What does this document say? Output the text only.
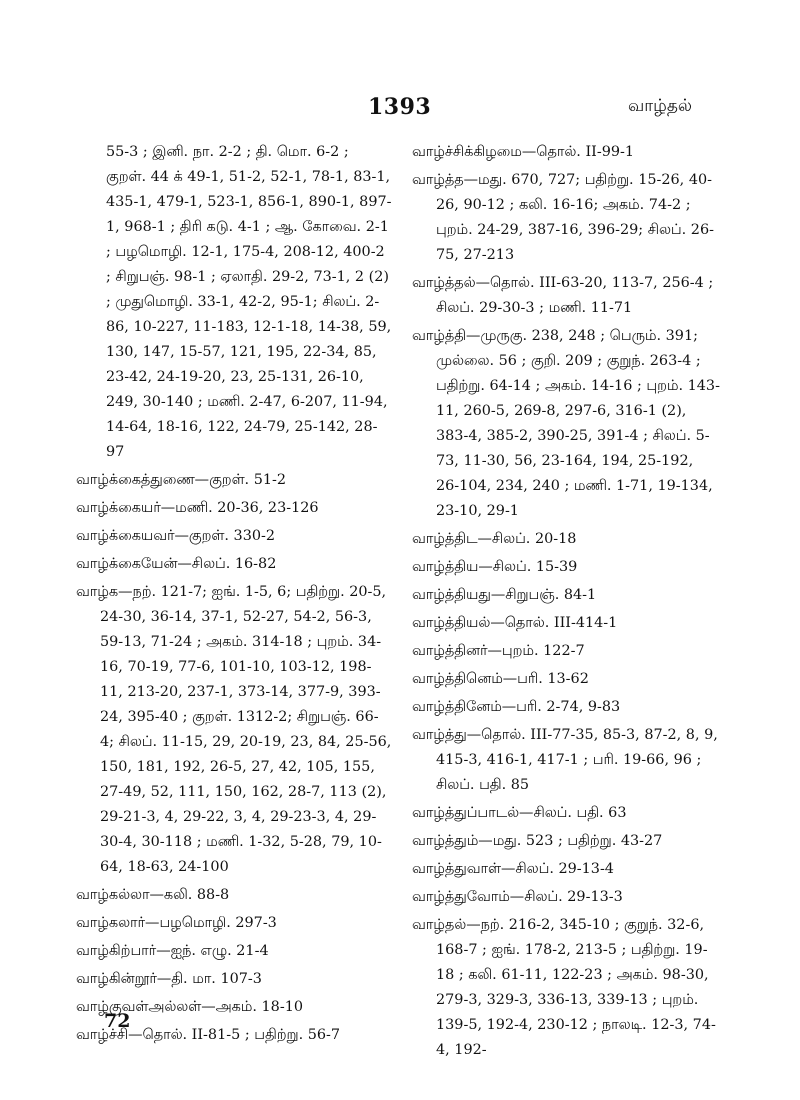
1393	வாழ்தல்
55-3 ; இனி. நா. 2-2 ; தி. மொ. 6-2 ; குறள். 44 க் 49-1, 51-2, 52-1, 78-1, 83-1, 435-1, 479-1, 523-1, 856-1, 890-1, 897-1, 968-1 ; திரி கடு. 4-1 ; ஆ. கோவை. 2-1 ; பழமொழி. 12-1, 175-4, 208-12, 400-2 ; சிறுபஞ். 98-1 ; ஏலாதி. 29-2, 73-1, 2 (2) ; முதுமொழி. 33-1, 42-2, 95-1; சிலப். 2-86, 10-227, 11-183, 12-1-18, 14-38, 59, 130, 147, 15-57, 121, 195, 22-34, 85, 23-42, 24-19-20, 23, 25-131, 26-10, 249, 30-140 ; மணி. 2-47, 6-207, 11-94, 14-64, 18-16, 122, 24-79, 25-142, 28-97
வாழ்க்கைத்துணை—குறள். 51-2
வாழ்க்கையர்—மணி. 20-36, 23-126
வாழ்க்கையவர்—குறள். 330-2
வாழ்க்கையேன்—சிலப். 16-82
வாழ்க—நற். 121-7; ஐங். 1-5, 6; பதிற்று. 20-5, 24-30, 36-14, 37-1, 52-27, 54-2, 56-3, 59-13, 71-24 ; அகம். 314-18 ; புறம். 34-16, 70-19, 77-6, 101-10, 103-12, 198-11, 213-20, 237-1, 373-14, 377-9, 393-24, 395-40 ; குறள். 1312-2; சிறுபஞ். 66-4; சிலப். 11-15, 29, 20-19, 23, 84, 25-56, 150, 181, 192, 26-5, 27, 42, 105, 155, 27-49, 52, 111, 150, 162, 28-7, 113 (2), 29-21-3, 4, 29-22, 3, 4, 29-23-3, 4, 29-30-4, 30-118 ; மணி. 1-32, 5-28, 79, 10-64, 18-63, 24-100
வாழ்கல்லா—கலி. 88-8
வாழ்கலார்—பழமொழி. 297-3
வாழ்கிற்பார்—ஐந். எழு. 21-4
வாழ்கின்றூர்—தி. மா. 107-3
வாழ்குவள்அல்லள்—அகம். 18-10
வாழ்ச்சி—தொல். II-81-5 ; பதிற்று. 56-7
வாழ்ச்சிக்கிழமை—தொல். II-99-1
வாழ்த்த—மது. 670, 727; பதிற்று. 15-26, 40-26, 90-12 ; கலி. 16-16; அகம். 74-2 ; புறம். 24-29, 387-16, 396-29; சிலப். 26-75, 27-213
வாழ்த்தல்—தொல். III-63-20, 113-7, 256-4 ; சிலப். 29-30-3 ; மணி. 11-71
வாழ்த்தி—முருகு. 238, 248 ; பெரும். 391; முல்லை. 56 ; குறி. 209 ; குறுந். 263-4 ; பதிற்று. 64-14 ; அகம். 14-16 ; புறம். 143-11, 260-5, 269-8, 297-6, 316-1 (2), 383-4, 385-2, 390-25, 391-4 ; சிலப். 5-73, 11-30, 56, 23-164, 194, 25-192, 26-104, 234, 240 ; மணி. 1-71, 19-134, 23-10, 29-1
வாழ்த்திட—சிலப். 20-18
வாழ்த்திய—சிலப். 15-39
வாழ்த்தியது—சிறுபஞ். 84-1
வாழ்த்தியல்—தொல். III-414-1
வாழ்த்தினர்—புறம். 122-7
வாழ்த்தினெம்—பரி. 13-62
வாழ்த்தினேம்—பரி. 2-74, 9-83
வாழ்த்து—தொல். III-77-35, 85-3, 87-2, 8, 9, 415-3, 416-1, 417-1 ; பரி. 19-66, 96 ; சிலப். பதி. 85
வாழ்த்துப்பாடல்—சிலப். பதி. 63
வாழ்த்தும்—மது. 523 ; பதிற்று. 43-27
வாழ்த்துவாள்—சிலப். 29-13-4
வாழ்த்துவோம்—சிலப். 29-13-3
வாழ்தல்—நற். 216-2, 345-10 ; குறுந். 32-6, 168-7 ; ஐங். 178-2, 213-5 ; பதிற்று. 19-18 ; கலி. 61-11, 122-23 ; அகம். 98-30, 279-3, 329-3, 336-13, 339-13 ; புறம். 139-5, 192-4, 230-12 ; நாலடி. 12-3, 74-4, 192-
72
